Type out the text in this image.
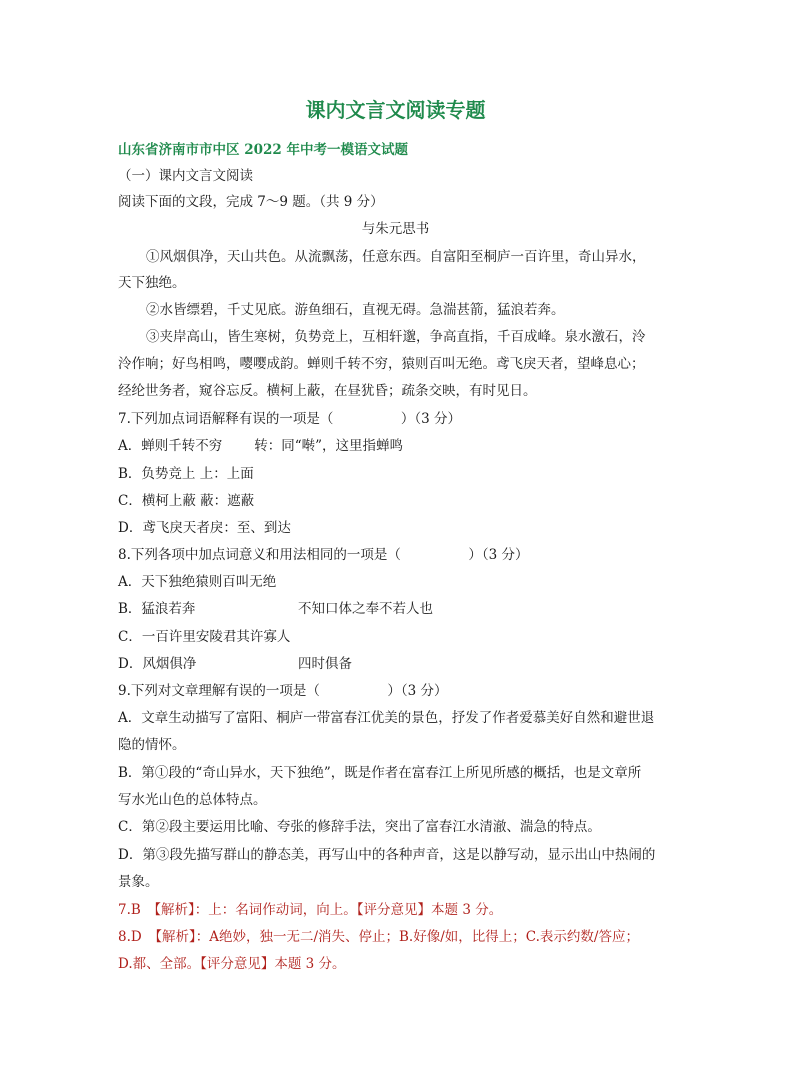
课内文言文阅读专题
山东省济南市市中区 2022 年中考一模语文试题
（一）课内文言文阅读
阅读下面的文段，完成 7～9 题。（共 9 分）
与朱元思书
①风烟俱净，天山共色。从流飘荡，任意东西。自富阳至桐庐一百许里，奇山异水，
天下独绝。
②水皆缥碧，千丈见底。游鱼细石，直视无碍。急湍甚箭，猛浪若奔。
③夹岸高山，皆生寒树，负势竞上，互相轩邈，争高直指，千百成峰。泉水激石，泠
泠作响；好鸟相鸣，嘤嘤成韵。蝉则千转不穷，猿则百叫无绝。鸢飞戾天者，望峰息心；
经纶世务者，窥谷忘反。横柯上蔽，在昼犹昏；疏条交映，有时见日。
7.下列加点词语解释有误的一项是（　　　　　）（3 分）
A．蝉则千转不穷 转：同“啭”，这里指蝉鸣
B．负势竞上 上：上面
C．横柯上蔽 蔽：遮蔽
D．鸢飞戾天者戾：至、到达
8.下列各项中加点词意义和用法相同的一项是（　　　　　）（3 分）
A．天下独绝猿则百叫无绝
B．猛浪若奔	不知口体之奉不若人也
C．一百许里安陵君其许寡人
D．风烟俱净	四时俱备
9.下列对文章理解有误的一项是（　　　　　）（3 分）
A．文章生动描写了富阳、桐庐一带富春江优美的景色，抒发了作者爱慕美好自然和避世退
隐的情怀。
B．第①段的“奇山异水，天下独绝”，既是作者在富春江上所见所感的概括，也是文章所
写水光山色的总体特点。
C．第②段主要运用比喻、夸张的修辞手法，突出了富春江水清澈、湍急的特点。
D．第③段先描写群山的静态美，再写山中的各种声音，这是以静写动，显示出山中热闹的
景象。
7.B　【解析】：上：名词作动词，向上。【评分意见】本题 3 分。
8.D　【解析】：A绝妙，独一无二/消失、停止；B.好像/如，比得上；C.表示约数/答应；
D.都、全部。【评分意见】本题 3 分。
